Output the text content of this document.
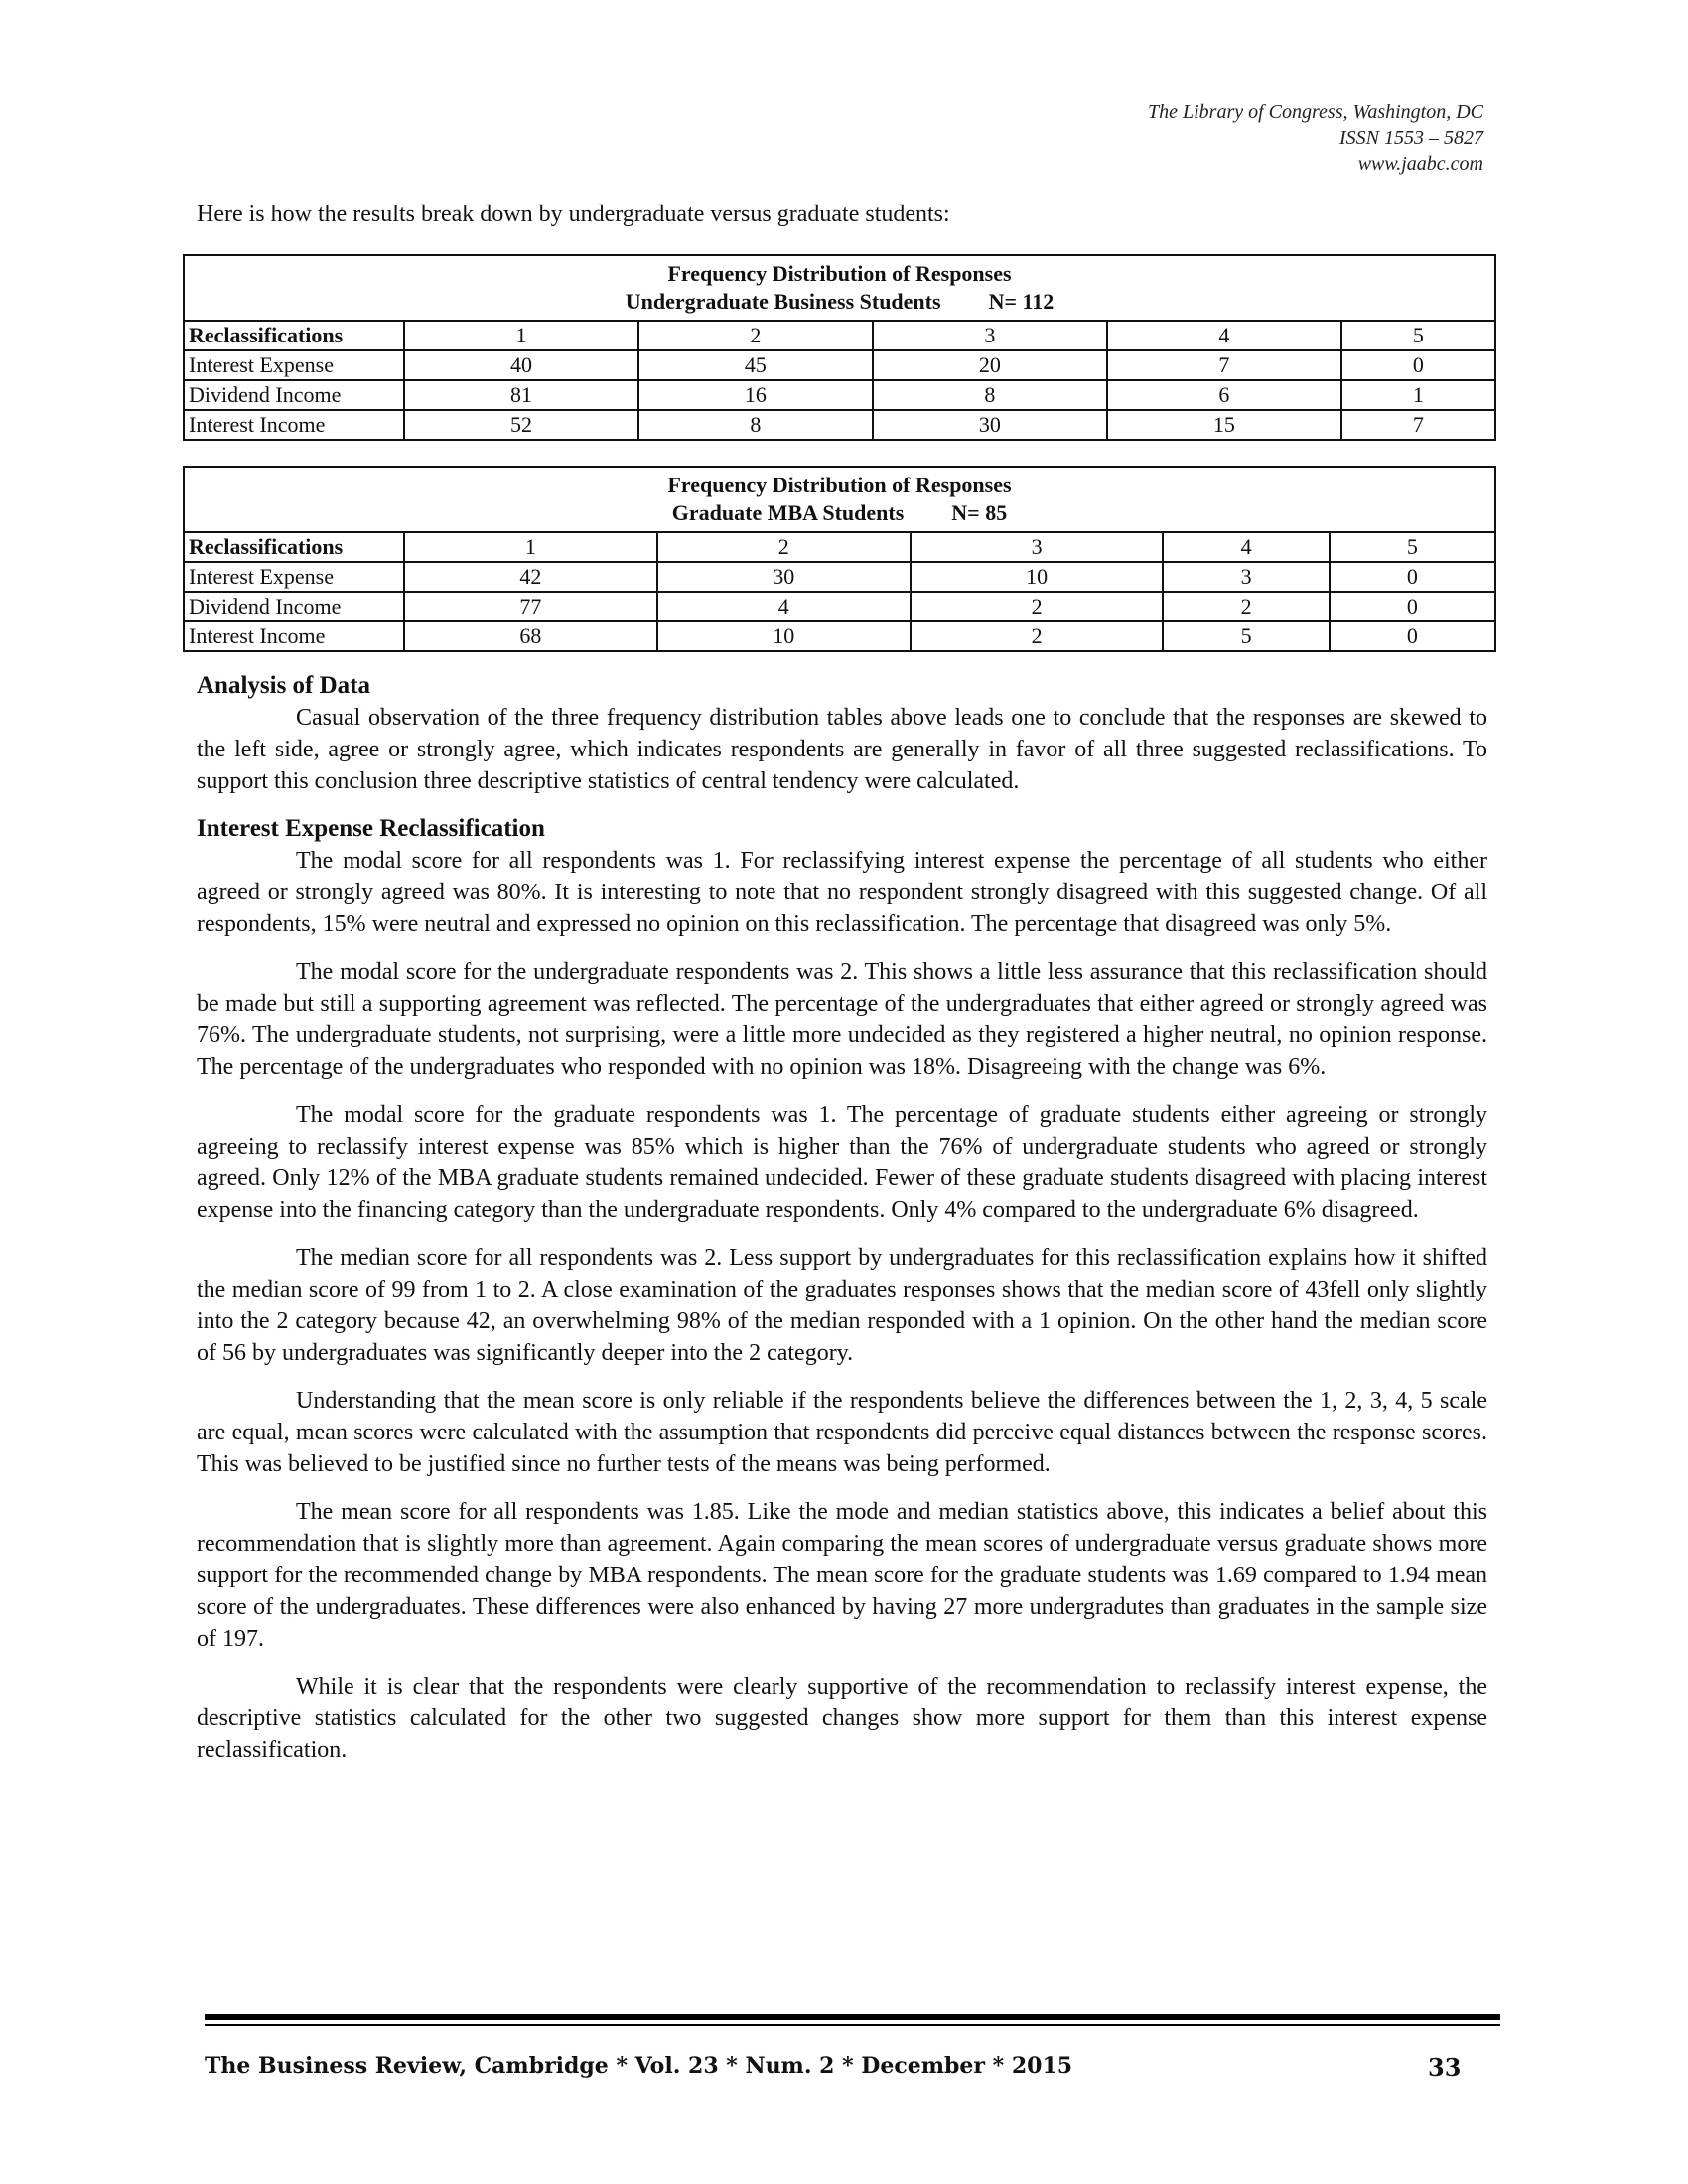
The Library of Congress, Washington, DC
ISSN 1553 – 5827
www.jaabc.com
Here is how the results break down by undergraduate versus graduate students:
Frequency Distribution of Responses
Undergraduate Business Students N= 112					

Reclassifications	1	2	3	4	5
Interest Expense	40	45	20	7	0
Dividend Income	81	16	8	6	1
Interest Income	52	8	30	15	7
Frequency Distribution of Responses
Graduate MBA Students N= 85					

Reclassifications	1	2	3	4	5
Interest Expense	42	30	10	3	0
Dividend Income	77	4	2	2	0
Interest Income	68	10	2	5	0
Analysis of Data

Casual observation of the three frequency distribution tables above leads one to conclude that the responses are skewed to the left side, agree or strongly agree, which indicates respondents are generally in favor of all three suggested reclassifications. To support this conclusion three descriptive statistics of central tendency were calculated.

Interest Expense Reclassification

The modal score for all respondents was 1. For reclassifying interest expense the percentage of all students who either agreed or strongly agreed was 80%. It is interesting to note that no respondent strongly disagreed with this suggested change. Of all respondents, 15% were neutral and expressed no opinion on this reclassification. The percentage that disagreed was only 5%.

The modal score for the undergraduate respondents was 2. This shows a little less assurance that this reclassification should be made but still a supporting agreement was reflected. The percentage of the undergraduates that either agreed or strongly agreed was 76%. The undergraduate students, not surprising, were a little more undecided as they registered a higher neutral, no opinion response. The percentage of the undergraduates who responded with no opinion was 18%. Disagreeing with the change was 6%.

The modal score for the graduate respondents was 1. The percentage of graduate students either agreeing or strongly agreeing to reclassify interest expense was 85% which is higher than the 76% of undergraduate students who agreed or strongly agreed. Only 12% of the MBA graduate students remained undecided. Fewer of these graduate students disagreed with placing interest expense into the financing category than the undergraduate respondents. Only 4% compared to the undergraduate 6% disagreed.

The median score for all respondents was 2. Less support by undergraduates for this reclassification explains how it shifted the median score of 99 from 1 to 2. A close examination of the graduates responses shows that the median score of 43fell only slightly into the 2 category because 42, an overwhelming 98% of the median responded with a 1 opinion. On the other hand the median score of 56 by undergraduates was significantly deeper into the 2 category.

Understanding that the mean score is only reliable if the respondents believe the differences between the 1, 2, 3, 4, 5 scale are equal, mean scores were calculated with the assumption that respondents did perceive equal distances between the response scores. This was believed to be justified since no further tests of the means was being performed.

The mean score for all respondents was 1.85. Like the mode and median statistics above, this indicates a belief about this recommendation that is slightly more than agreement. Again comparing the mean scores of undergraduate versus graduate shows more support for the recommended change by MBA respondents. The mean score for the graduate students was 1.69 compared to 1.94 mean score of the undergraduates. These differences were also enhanced by having 27 more undergradutes than graduates in the sample size of 197.

While it is clear that the respondents were clearly supportive of the recommendation to reclassify interest expense, the descriptive statistics calculated for the other two suggested changes show more support for them than this interest expense reclassification.

The Business Review, Cambridge * Vol. 23 * Num. 2 * December * 2015	33
